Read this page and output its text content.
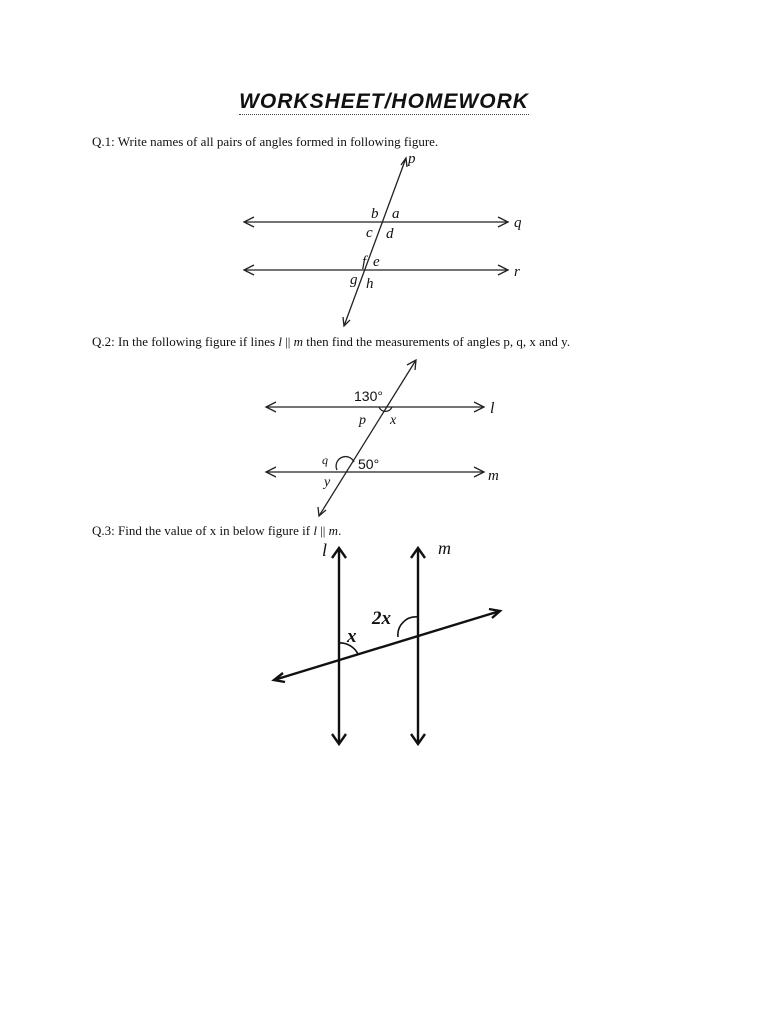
WORKSHEET/HOMEWORK
Q.1: Write names of all pairs of angles formed in following figure.
p
q
r
b a
c d
f e
g h
Q.2: In the following figure if lines l || m then find the measurements of angles p, q, x and y.
130°
p x
q 50°
y
l
m
Q.3: Find the value of x in below figure if l || m.
l	m
x
2x
